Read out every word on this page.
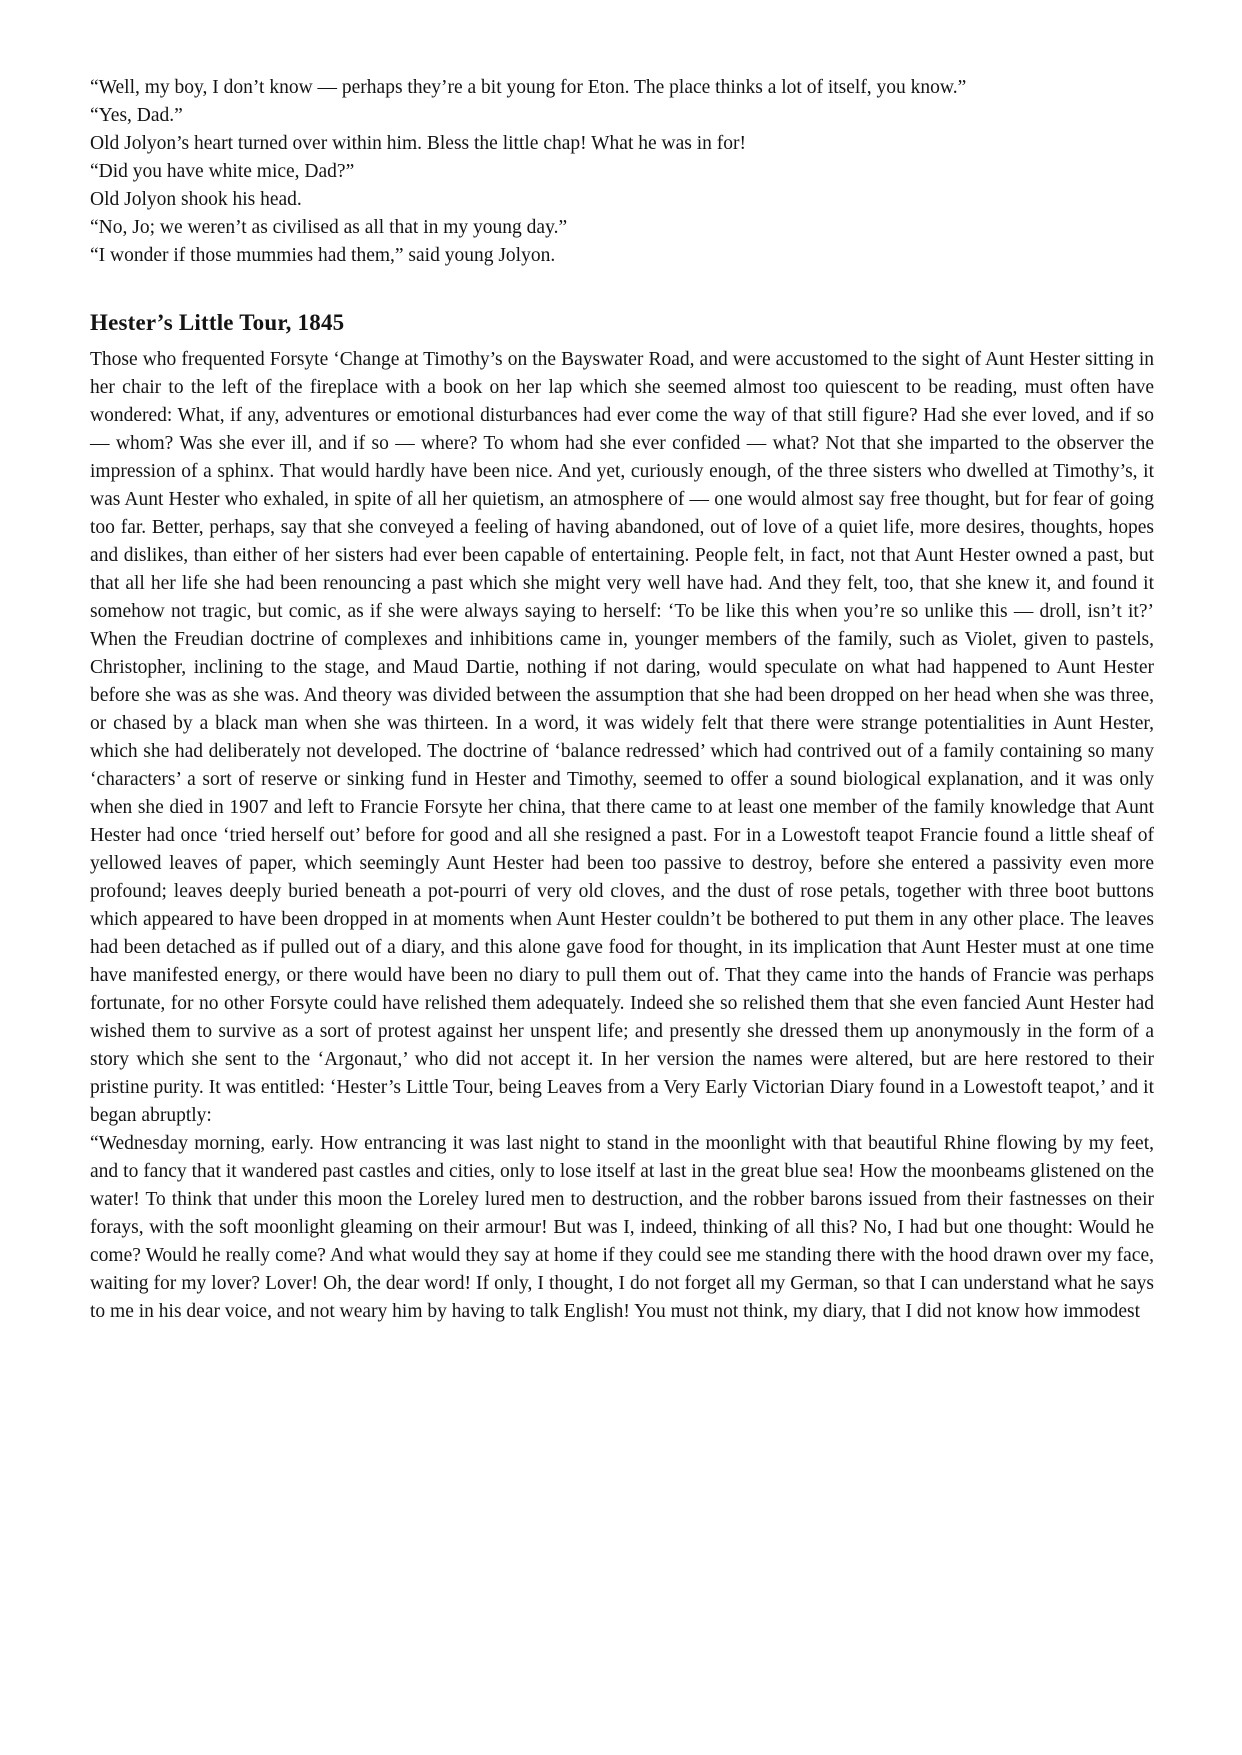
“Well, my boy, I don’t know — perhaps they’re a bit young for Eton. The place thinks a lot of itself, you know.”

“Yes, Dad.”

Old Jolyon’s heart turned over within him. Bless the little chap! What he was in for!

“Did you have white mice, Dad?”

Old Jolyon shook his head.

“No, Jo; we weren’t as civilised as all that in my young day.”

“I wonder if those mummies had them,” said young Jolyon.

Hester’s Little Tour, 1845

Those who frequented Forsyte ‘Change at Timothy’s on the Bayswater Road, and were accustomed to the sight of Aunt Hester sitting in her chair to the left of the fireplace with a book on her lap which she seemed almost too quiescent to be reading, must often have wondered: What, if any, adventures or emotional disturbances had ever come the way of that still figure? Had she ever loved, and if so — whom? Was she ever ill, and if so — where? To whom had she ever confided — what? Not that she imparted to the observer the impression of a sphinx. That would hardly have been nice. And yet, curiously enough, of the three sisters who dwelled at Timothy’s, it was Aunt Hester who exhaled, in spite of all her quietism, an atmosphere of — one would almost say free thought, but for fear of going too far. Better, perhaps, say that she conveyed a feeling of having abandoned, out of love of a quiet life, more desires, thoughts, hopes and dislikes, than either of her sisters had ever been capable of entertaining. People felt, in fact, not that Aunt Hester owned a past, but that all her life she had been renouncing a past which she might very well have had. And they felt, too, that she knew it, and found it somehow not tragic, but comic, as if she were always saying to herself: ‘To be like this when you’re so unlike this — droll, isn’t it?’ When the Freudian doctrine of complexes and inhibitions came in, younger members of the family, such as Violet, given to pastels, Christopher, inclining to the stage, and Maud Dartie, nothing if not daring, would speculate on what had happened to Aunt Hester before she was as she was. And theory was divided between the assumption that she had been dropped on her head when she was three, or chased by a black man when she was thirteen. In a word, it was widely felt that there were strange potentialities in Aunt Hester, which she had deliberately not developed. The doctrine of ‘balance redressed’ which had contrived out of a family containing so many ‘characters’ a sort of reserve or sinking fund in Hester and Timothy, seemed to offer a sound biological explanation, and it was only when she died in 1907 and left to Francie Forsyte her china, that there came to at least one member of the family knowledge that Aunt Hester had once ‘tried herself out’ before for good and all she resigned a past. For in a Lowestoft teapot Francie found a little sheaf of yellowed leaves of paper, which seemingly Aunt Hester had been too passive to destroy, before she entered a passivity even more profound; leaves deeply buried beneath a pot-pourri of very old cloves, and the dust of rose petals, together with three boot buttons which appeared to have been dropped in at moments when Aunt Hester couldn’t be bothered to put them in any other place. The leaves had been detached as if pulled out of a diary, and this alone gave food for thought, in its implication that Aunt Hester must at one time have manifested energy, or there would have been no diary to pull them out of. That they came into the hands of Francie was perhaps fortunate, for no other Forsyte could have relished them adequately. Indeed she so relished them that she even fancied Aunt Hester had wished them to survive as a sort of protest against her unspent life; and presently she dressed them up anonymously in the form of a story which she sent to the ‘Argonaut,’ who did not accept it. In her version the names were altered, but are here restored to their pristine purity. It was entitled: ‘Hester’s Little Tour, being Leaves from a Very Early Victorian Diary found in a Lowestoft teapot,’ and it began abruptly:

“Wednesday morning, early. How entrancing it was last night to stand in the moonlight with that beautiful Rhine flowing by my feet, and to fancy that it wandered past castles and cities, only to lose itself at last in the great blue sea! How the moonbeams glistened on the water! To think that under this moon the Loreley lured men to destruction, and the robber barons issued from their fastnesses on their forays, with the soft moonlight gleaming on their armour! But was I, indeed, thinking of all this? No, I had but one thought: Would he come? Would he really come? And what would they say at home if they could see me standing there with the hood drawn over my face, waiting for my lover? Lover! Oh, the dear word! If only, I thought, I do not forget all my German, so that I can understand what he says to me in his dear voice, and not weary him by having to talk English! You must not think, my diary, that I did not know how immodest
